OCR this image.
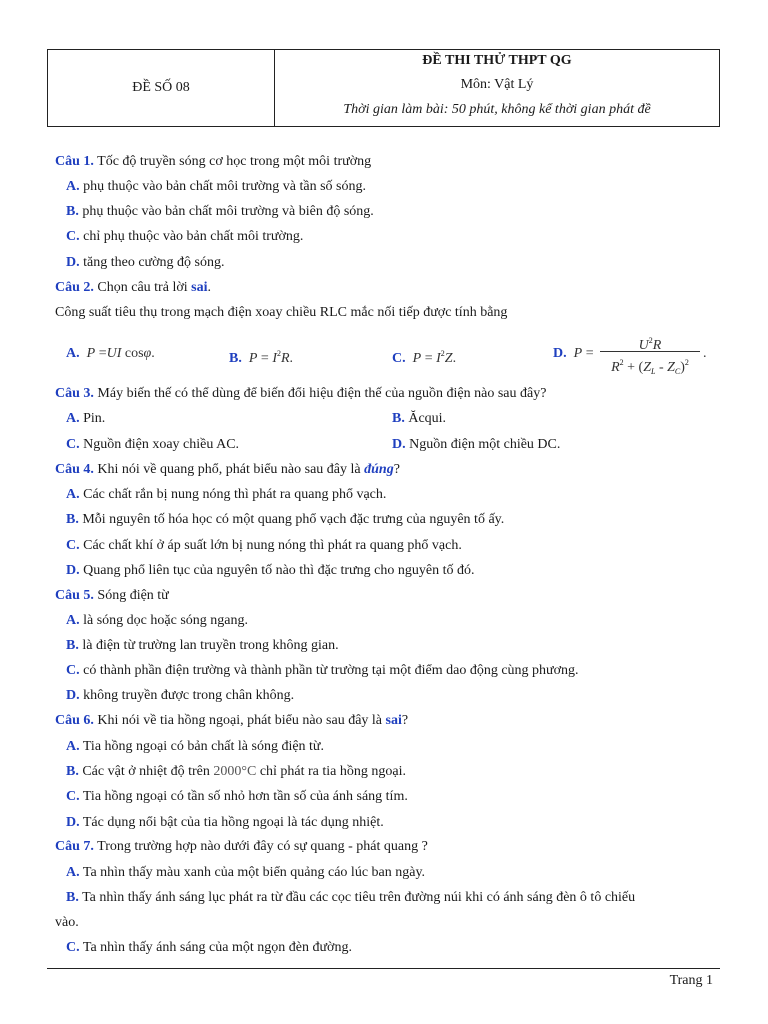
ĐỀ SỐ 08
ĐỀ THI THỬ THPT QG
Môn: Vật Lý
Thời gian làm bài: 50 phút, không kể thời gian phát đề
Câu 1. Tốc độ truyền sóng cơ học trong một môi trường
A. phụ thuộc vào bản chất môi trường và tần số sóng.
B. phụ thuộc vào bản chất môi trường và biên độ sóng.
C. chỉ phụ thuộc vào bản chất môi trường.
D. tăng theo cường độ sóng.
Câu 2. Chọn câu trả lời sai.
Công suất tiêu thụ trong mạch điện xoay chiều RLC mắc nối tiếp được tính bằng
A. P =UI cosφ.	B. $P = I^2R$.	C. $P = I^2Z$.	D. P =
$U^2R$
$R^2 + (Z_L - Z_C)^2$
.
Câu 3. Máy biến thế có thể dùng để biến đổi hiệu điện thế của nguồn điện nào sau đây?
A. Pin.	B. Ăcqui.
C. Nguồn điện xoay chiều AC.	D. Nguồn điện một chiều DC.
Câu 4. Khi nói về quang phổ, phát biểu nào sau đây là đúng?
A. Các chất rắn bị nung nóng thì phát ra quang phổ vạch.
B. Mỗi nguyên tố hóa học có một quang phổ vạch đặc trưng của nguyên tố ấy.
C. Các chất khí ở áp suất lớn bị nung nóng thì phát ra quang phổ vạch.
D. Quang phổ liên tục của nguyên tố nào thì đặc trưng cho nguyên tố đó.
Câu 5. Sóng điện từ
A. là sóng dọc hoặc sóng ngang.
B. là điện từ trường lan truyền trong không gian.
C. có thành phần điện trường và thành phần từ trường tại một điểm dao động cùng phương.
D. không truyền được trong chân không.
Câu 6. Khi nói về tia hồng ngoại, phát biểu nào sau đây là sai?
A. Tia hồng ngoại có bản chất là sóng điện từ.
B. Các vật ở nhiệt độ trên 2000°C chỉ phát ra tia hồng ngoại.
C. Tia hồng ngoại có tần số nhỏ hơn tần số của ánh sáng tím.
D. Tác dụng nổi bật của tia hồng ngoại là tác dụng nhiệt.
Câu 7. Trong trường hợp nào dưới đây có sự quang - phát quang ?
A. Ta nhìn thấy màu xanh của một biển quảng cáo lúc ban ngày.
B. Ta nhìn thấy ánh sáng lục phát ra từ đầu các cọc tiêu trên đường núi khi có ánh sáng đèn ô tô chiếu
vào.
C. Ta nhìn thấy ánh sáng của một ngọn đèn đường.
Trang 1
